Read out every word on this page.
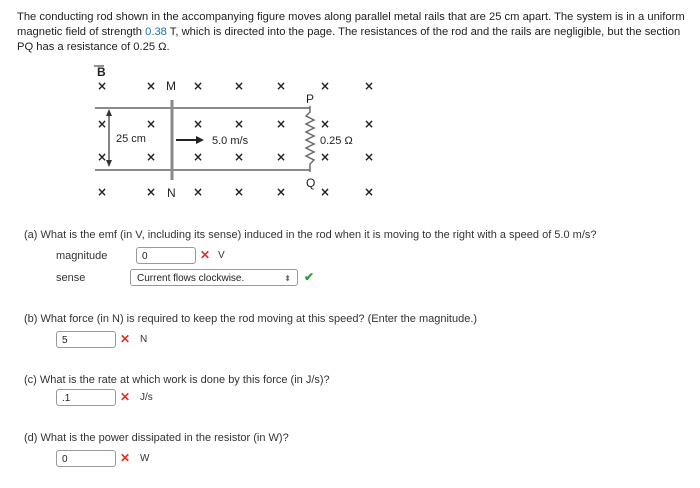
The conducting rod shown in the accompanying figure moves along parallel metal rails that are 25 cm apart. The system is in a uniform magnetic field of strength 0.38 T, which is directed into the page. The resistances of the rod and the rails are negligible, but the section PQ has a resistance of 0.25 Ω.
B
M
N
P
Q
25 cm	5.0 m/s	0.25 Ω
×	×	×	×	×	×	×
×	×	×	×	×	×	×
×	×	×	×	×	×	×
×	×	×	×	×	×	×
(a) What is the emf (in V, including its sense) induced in the rod when it is moving to the right with a speed of 5.0 m/s?
magnitude	0	✕ V
sense	Current flows clockwise.	⬍ ✔
(b) What force (in N) is required to keep the rod moving at this speed? (Enter the magnitude.)
5	✕ N
(c) What is the rate at which work is done by this force (in J/s)?
.1	✕ J/s
(d) What is the power dissipated in the resistor (in W)?
0	✕ W
